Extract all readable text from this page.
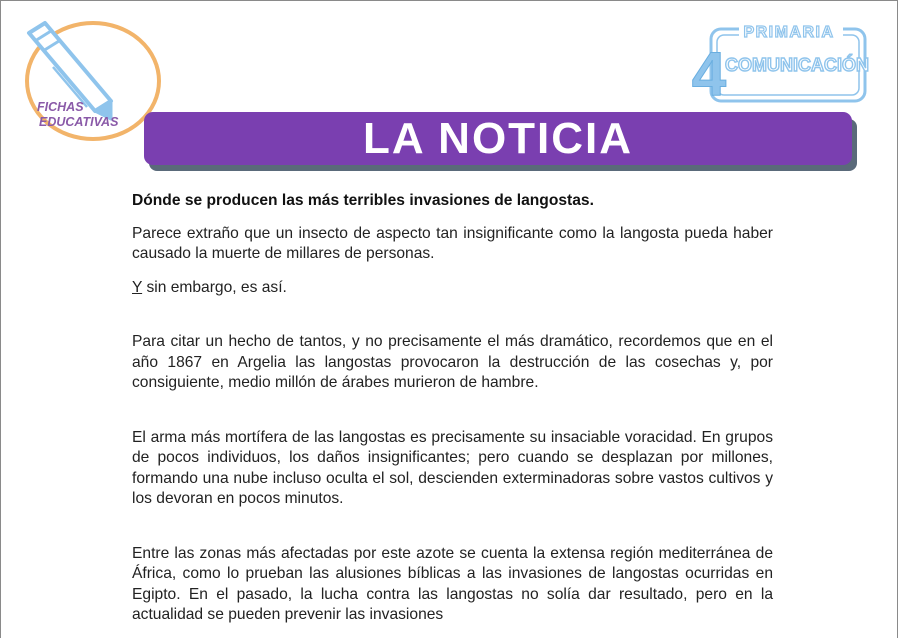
FICHAS
EDUCATIVAS
PRIMARIA
4
COMUNICACIÓN
LA NOTICIA

Dónde se producen las más terribles invasiones de langostas.

Parece extraño que un insecto de aspecto tan insignificante como la langosta pueda haber causado la muerte de millares de personas.

Y sin embargo, es así.

Para citar un hecho de tantos, y no precisamente el más dramático, recordemos que en el año 1867 en Argelia las langostas provocaron la destrucción de las cosechas y, por consiguiente, medio millón de árabes murieron de hambre.

El arma más mortífera de las langostas es precisamente su insaciable voracidad. En grupos de pocos individuos, los daños insignificantes; pero cuando se desplazan por millones, formando una nube incluso oculta el sol, descienden exterminadoras sobre vastos cultivos y los devoran en pocos minutos.

Entre las zonas más afectadas por este azote se cuenta la extensa región mediterránea de África, como lo prueban las alusiones bíblicas a las invasiones de langostas ocurridas en Egipto. En el pasado, la lucha contra las langostas no solía dar resultado, pero en la actualidad se pueden prevenir las invasiones
